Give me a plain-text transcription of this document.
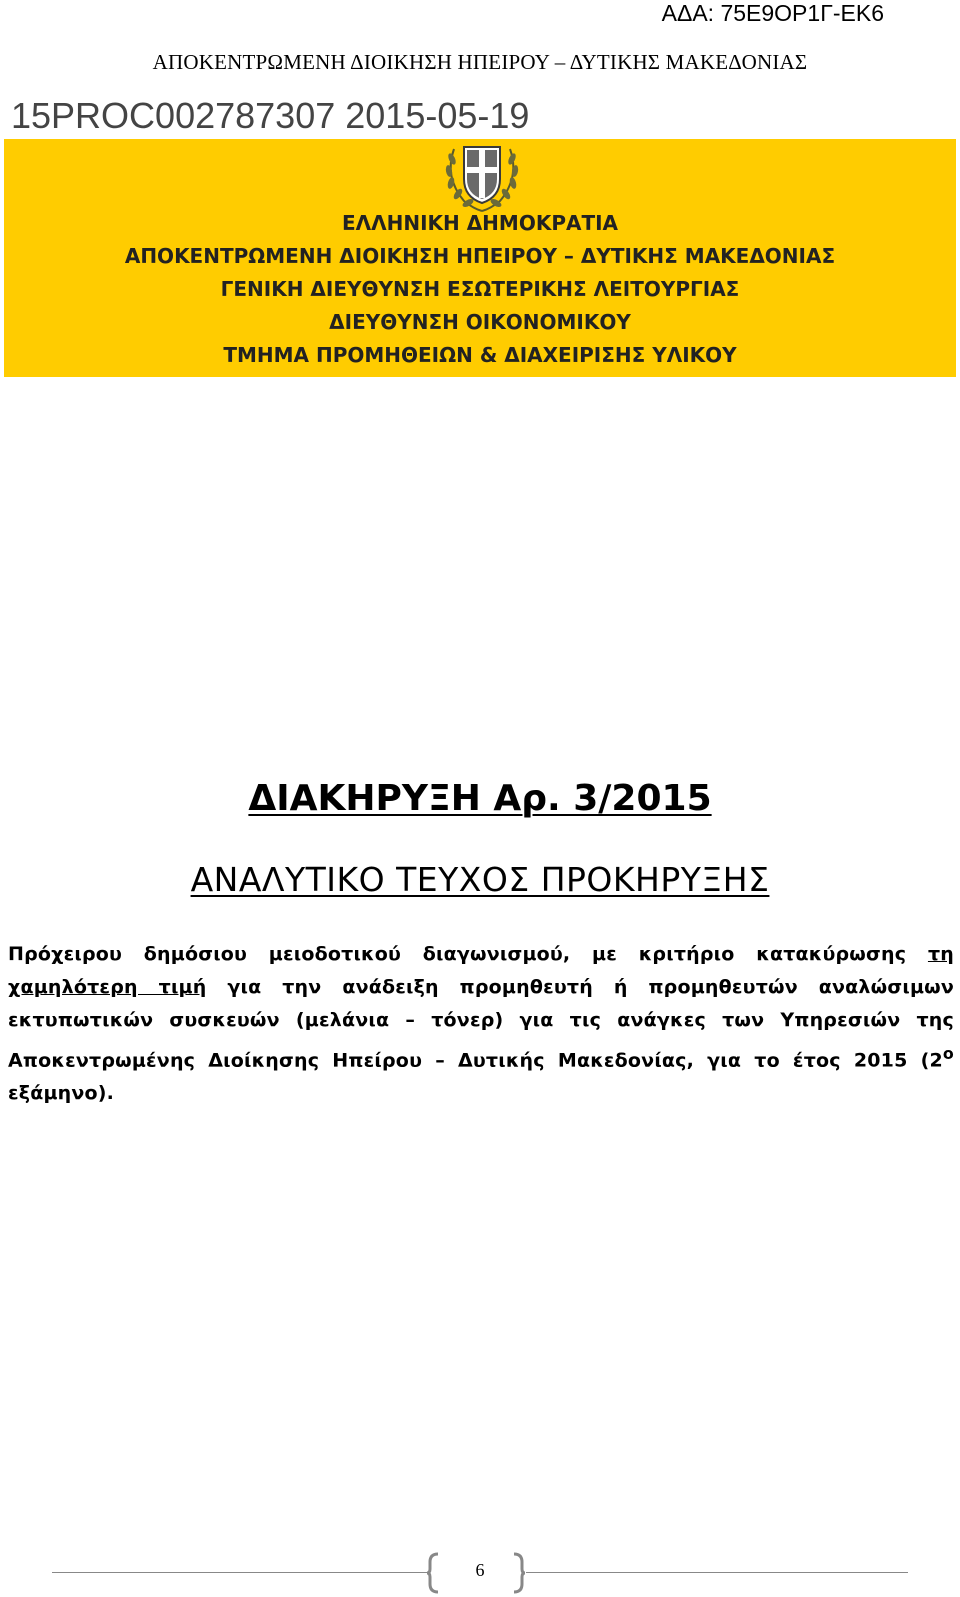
ΑΔΑ: 75Ε9ΟΡ1Γ-ΕΚ6
ΑΠΟΚΕΝΤΡΩΜΕΝΗ ΔΙΟΙΚΗΣΗ ΗΠΕΙΡΟΥ – ΔΥΤΙΚΗΣ ΜΑΚΕΔΟΝΙΑΣ
15PROC002787307 2015-05-19
ΕΛΛΗΝΙΚΗ ΔΗΜΟΚΡΑΤΙΑ
ΑΠΟΚΕΝΤΡΩΜΕΝΗ ΔΙΟΙΚΗΣΗ ΗΠΕΙΡΟΥ – ΔΥΤΙΚΗΣ ΜΑΚΕΔΟΝΙΑΣ
ΓΕΝΙΚΗ ΔΙΕΥΘΥΝΣΗ ΕΣΩΤΕΡΙΚΗΣ ΛΕΙΤΟΥΡΓΙΑΣ
ΔΙΕΥΘΥΝΣΗ ΟΙΚΟΝΟΜΙΚΟΥ
ΤΜΗΜΑ ΠΡΟΜΗΘΕΙΩΝ & ΔΙΑΧΕΙΡΙΣΗΣ ΥΛΙΚΟΥ
ΔΙΑΚΗΡΥΞΗ Αρ. 3/2015
ΑΝΑΛΥΤΙΚΟ ΤΕΥΧΟΣ ΠΡΟΚΗΡΥΞΗΣ
Πρόχειρου δημόσιου μειοδοτικού διαγωνισμού, με κριτήριο κατακύρωσης τη χαμηλότερη τιμή για την ανάδειξη προμηθευτή ή προμηθευτών αναλώσιμων εκτυπωτικών συσκευών (μελάνια – τόνερ) για τις ανάγκες των Υπηρεσιών της Αποκεντρωμένης Διοίκησης Ηπείρου – Δυτικής Μακεδονίας, για το έτος 2015 ($2^o$ εξάμηνο).
6
